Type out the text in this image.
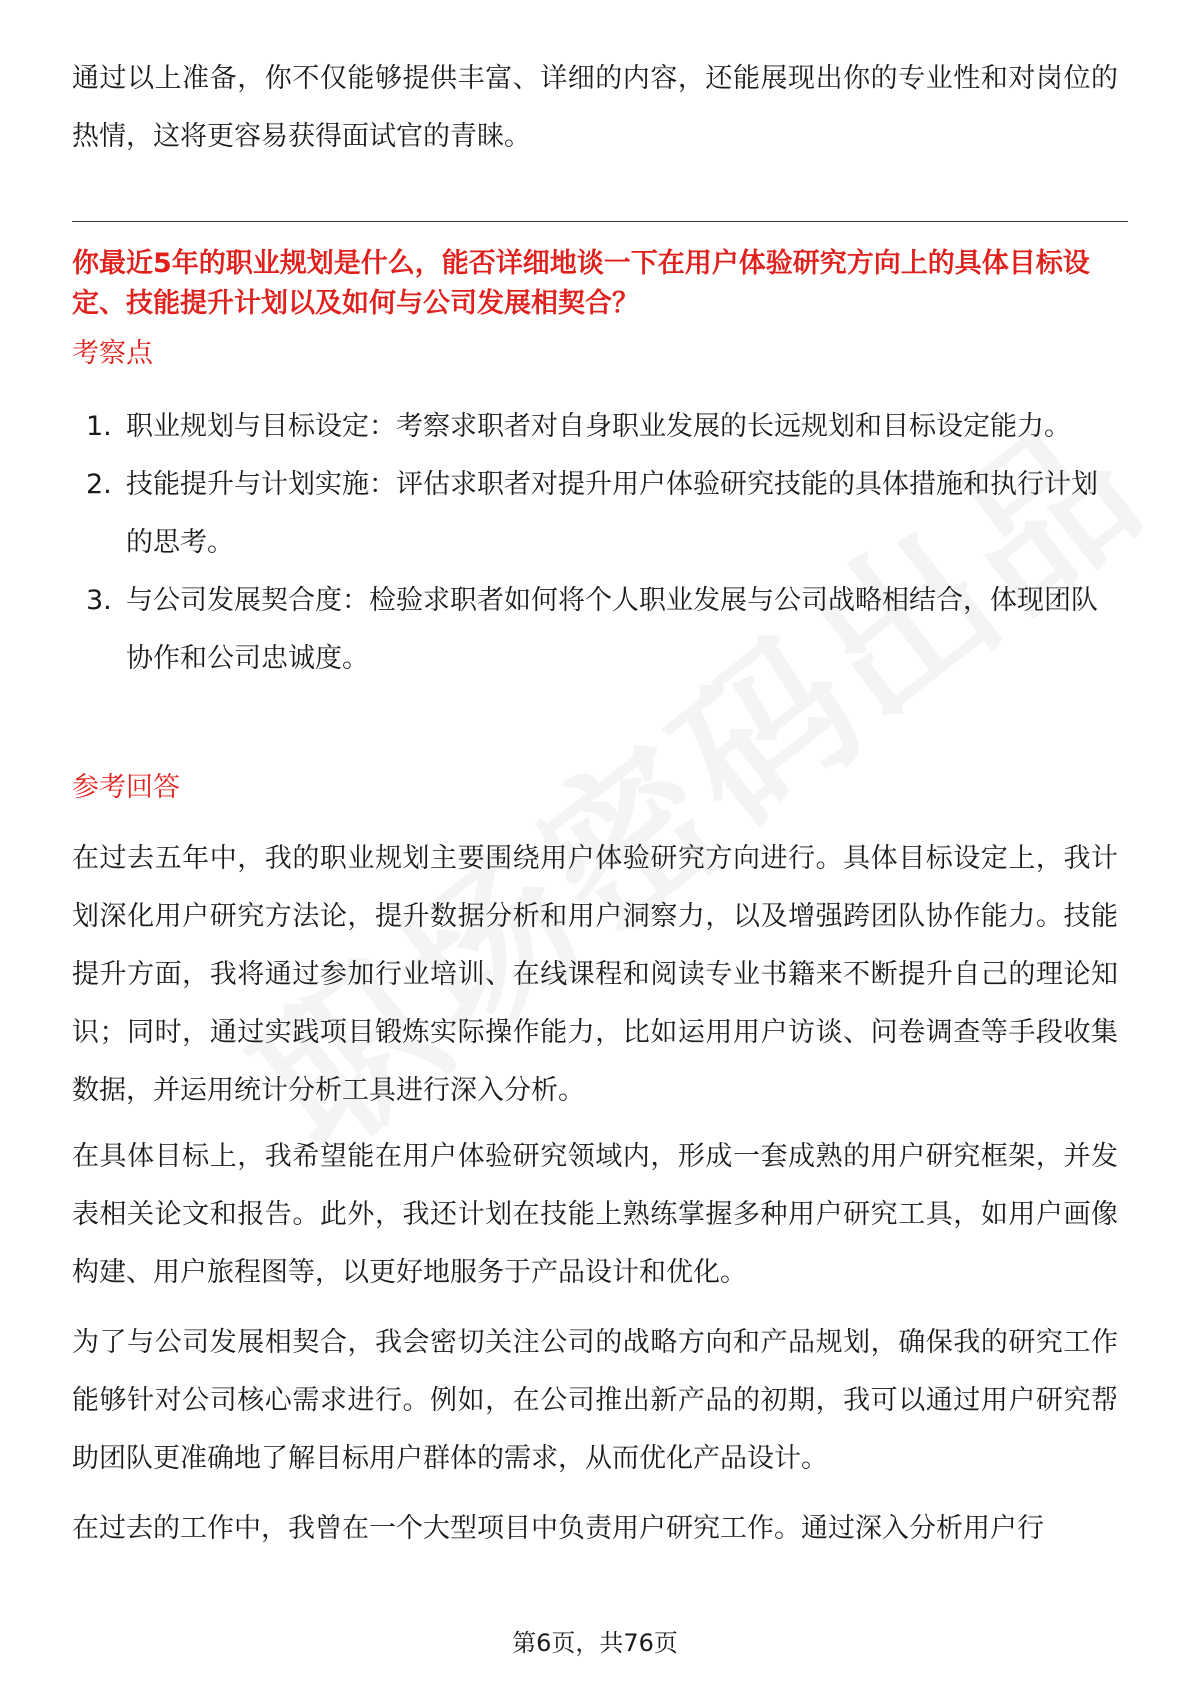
通过以上准备，你不仅能够提供丰富、详细的内容，还能展现出你的专业性和对岗位的热情，这将更容易获得面试官的青睐。

你最近5年的职业规划是什么，能否详细地谈一下在用户体验研究方向上的具体目标设定、技能提升计划以及如何与公司发展相契合？

考察点
1. 职业规划与目标设定：考察求职者对自身职业发展的长远规划和目标设定能力。
2. 技能提升与计划实施：评估求职者对提升用户体验研究技能的具体措施和执行计划的思考。
3. 与公司发展契合度：检验求职者如何将个人职业发展与公司战略相结合，体现团队协作和公司忠诚度。
参考回答

在过去五年中，我的职业规划主要围绕用户体验研究方向进行。具体目标设定上，我计划深化用户研究方法论，提升数据分析和用户洞察力，以及增强跨团队协作能力。技能提升方面，我将通过参加行业培训、在线课程和阅读专业书籍来不断提升自己的理论知识；同时，通过实践项目锻炼实际操作能力，比如运用用户访谈、问卷调查等手段收集数据，并运用统计分析工具进行深入分析。

在具体目标上，我希望能在用户体验研究领域内，形成一套成熟的用户研究框架，并发表相关论文和报告。此外，我还计划在技能上熟练掌握多种用户研究工具，如用户画像构建、用户旅程图等，以更好地服务于产品设计和优化。

为了与公司发展相契合，我会密切关注公司的战略方向和产品规划，确保我的研究工作能够针对公司核心需求进行。例如，在公司推出新产品的初期，我可以通过用户研究帮助团队更准确地了解目标用户群体的需求，从而优化产品设计。

在过去的工作中，我曾在一个大型项目中负责用户研究工作。通过深入分析用户行

第6页，共76页
